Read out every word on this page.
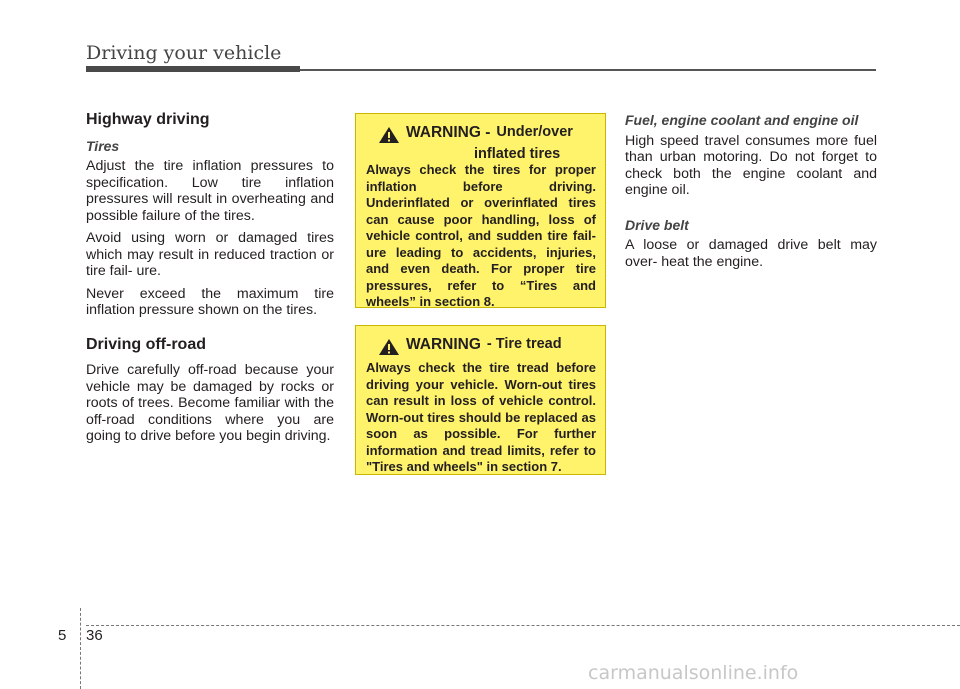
Driving your vehicle
Highway driving
Tires

Adjust the tire inflation pressures to specification. Low tire inflation pressures will result in overheating and possible failure of the tires.

Avoid using worn or damaged tires which may result in reduced traction or tire fail- ure.

Never exceed the maximum tire inflation pressure shown on the tires.

Driving off-road

Drive carefully off-road because your vehicle may be damaged by rocks or roots of trees. Become familiar with the off-road conditions where you are going to drive before you begin driving.

WARNING - Under/over
inflated tires
Always check the tires for proper inflation before driving. Underinflated or overinflated tires can cause poor handling, loss of vehicle control, and sudden tire fail- ure leading to accidents, injuries, and even death. For proper tire pressures, refer to “Tires and wheels” in section 8.
WARNING - Tire tread
Always check the tire tread before driving your vehicle. Worn-out tires can result in loss of vehicle control. Worn-out tires should be replaced as soon as possible. For further information and tread limits, refer to "Tires and wheels" in section 7.
Fuel, engine coolant and engine oil

High speed travel consumes more fuel than urban motoring. Do not forget to check both the engine coolant and engine oil.

Drive belt

A loose or damaged drive belt may over- heat the engine.

5 36
carmanualsonline.info
